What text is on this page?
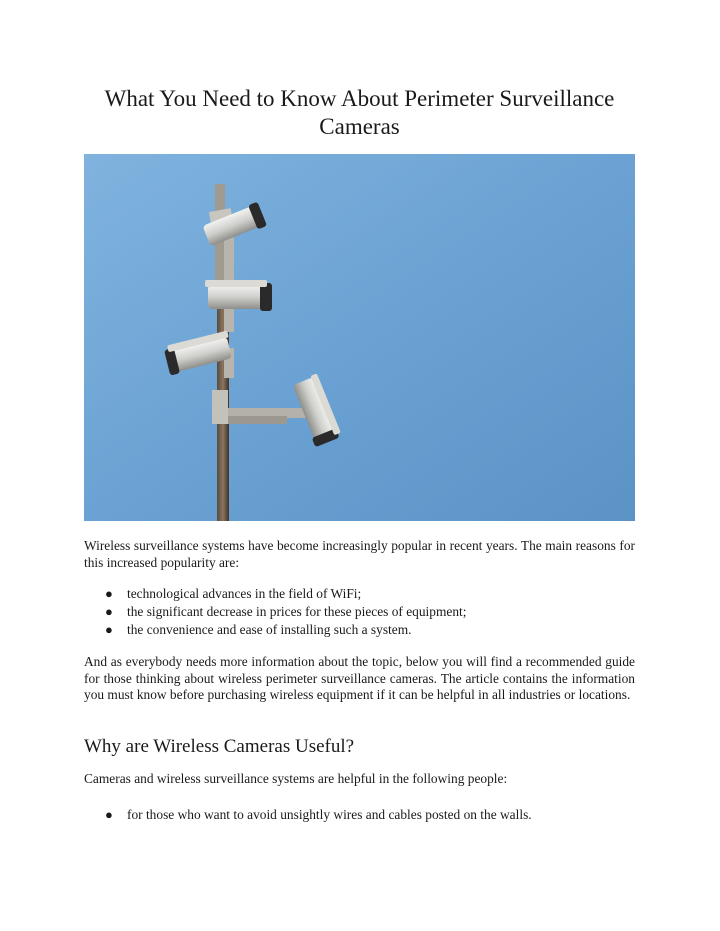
What You Need to Know About Perimeter Surveillance Cameras

Wireless surveillance systems have become increasingly popular in recent years. The main reasons for this increased popularity are:

● technological advances in the field of WiFi;
● the significant decrease in prices for these pieces of equipment;
● the convenience and ease of installing such a system.

And as everybody needs more information about the topic, below you will find a recommended guide for those thinking about wireless perimeter surveillance cameras. The article contains the information you must know before purchasing wireless equipment if it can be helpful in all industries or locations.

Why are Wireless Cameras Useful?

Cameras and wireless surveillance systems are helpful in the following people:

● for those who want to avoid unsightly wires and cables posted on the walls.
